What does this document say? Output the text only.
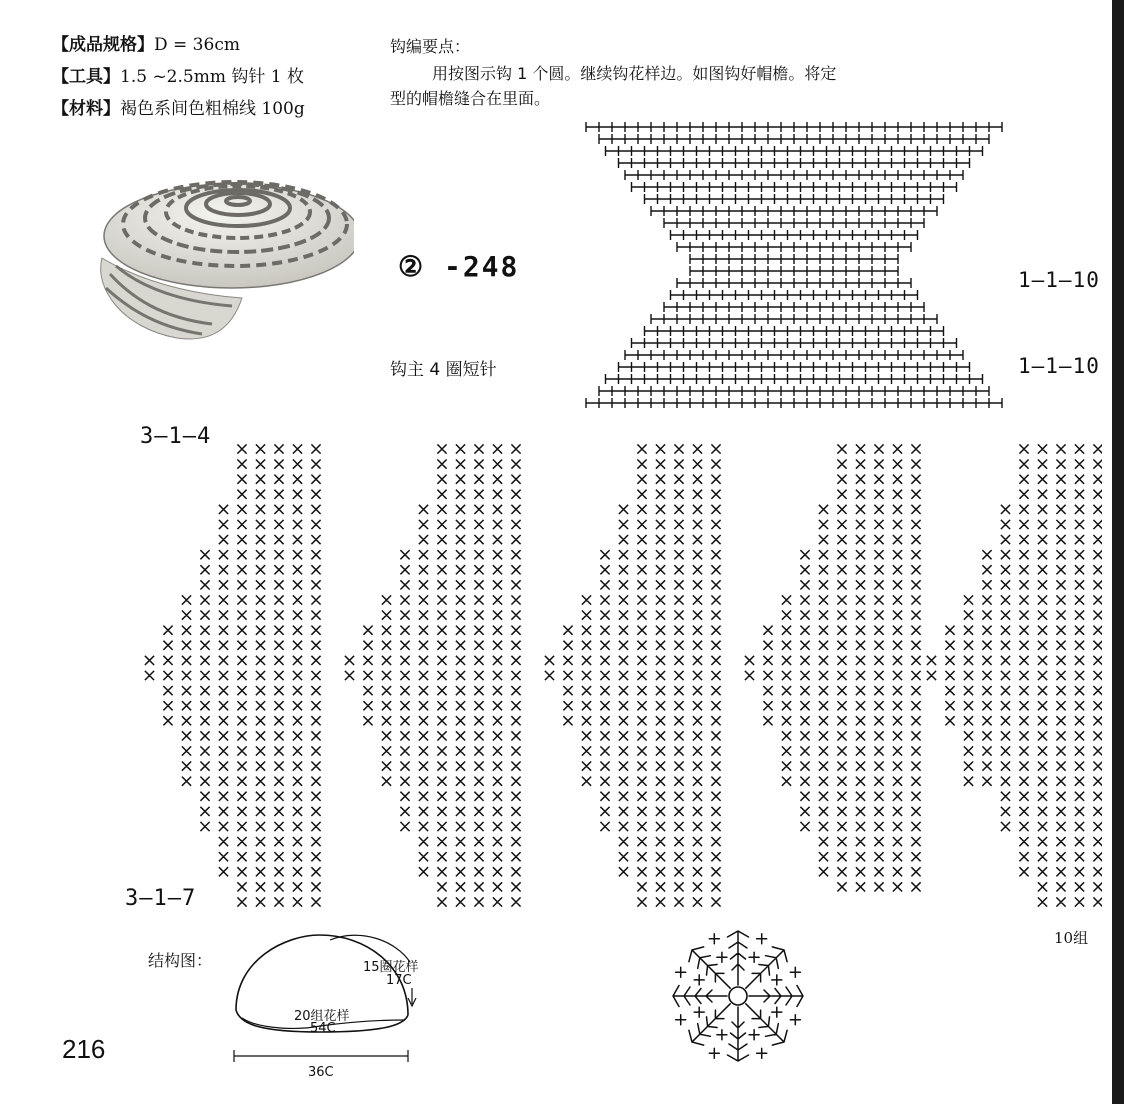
【成品规格】D = 36cm
【工具】1.5 ~2.5mm 钩针 1 枚
【材料】褐色系间色粗棉线 100g
钩编要点：
用按图示钩 1 个圆。继续钩花样边。如图钩好帽檐。将定
型的帽檐缝合在里面。
② -248
钩主 4 圈短针
1—1—10
1—1—10
3—1—4
3—1—7
10组
结构图：	15圈花样
17C
20组花样
54C
36C
216
